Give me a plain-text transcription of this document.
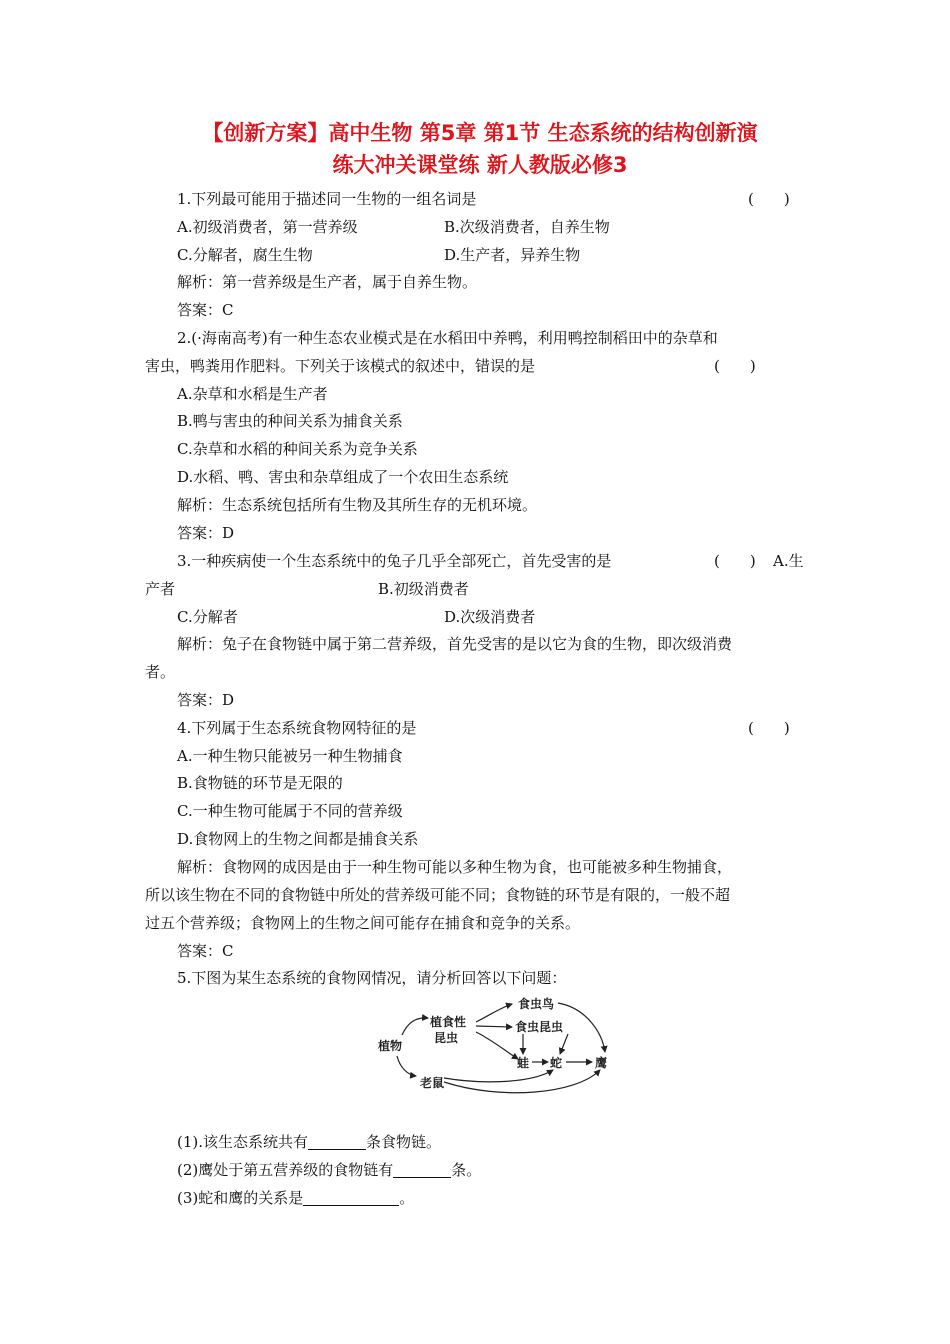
【创新方案】高中生物 第5章 第1节 生态系统的结构创新演
练大冲关课堂练 新人教版必修3
1.下列最可能用于描述同一生物的一组名词是	(　　)
A.初级消费者，第一营养级	B.次级消费者，自养生物
C.分解者，腐生生物	D.生产者，异养生物
解析：第一营养级是生产者，属于自养生物。
答案：C
2.(·海南高考)有一种生态农业模式是在水稻田中养鸭，利用鸭控制稻田中的杂草和
害虫，鸭粪用作肥料。下列关于该模式的叙述中，错误的是	(　　)
A.杂草和水稻是生产者
B.鸭与害虫的种间关系为捕食关系
C.杂草和水稻的种间关系为竞争关系
D.水稻、鸭、害虫和杂草组成了一个农田生态系统
解析：生态系统包括所有生物及其所生存的无机环境。
答案：D
3.一种疾病使一个生态系统中的兔子几乎全部死亡，首先受害的是	(　　) A.生
产者	B.初级消费者
C.分解者	D.次级消费者
解析：兔子在食物链中属于第二营养级，首先受害的是以它为食的生物，即次级消费
者。
答案：D
4.下列属于生态系统食物网特征的是	(　　)
A.一种生物只能被另一种生物捕食
B.食物链的环节是无限的
C.一种生物可能属于不同的营养级
D.食物网上的生物之间都是捕食关系
解析：食物网的成因是由于一种生物可能以多种生物为食，也可能被多种生物捕食，
所以该生物在不同的食物链中所处的营养级可能不同；食物链的环节是有限的，一般不超
过五个营养级；食物网上的生物之间可能存在捕食和竞争的关系。
答案：C
5.下图为某生态系统的食物网情况，请分析回答以下问题：
植物
植食性
昆虫
食虫鸟
食虫昆虫
蛙 蛇	鹰
老鼠
(1).该生态系统共有	条食物链。
(2)鹰处于第五营养级的食物链有	条。
(3)蛇和鹰的关系是	。
